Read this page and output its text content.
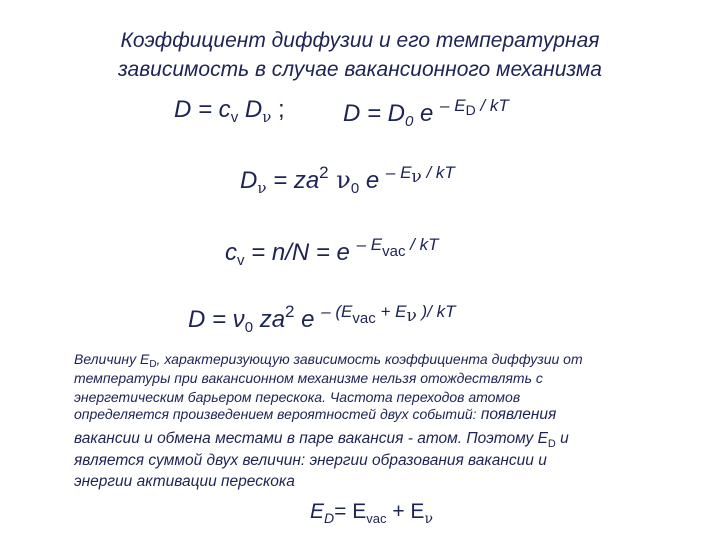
Коэффициент диффузии и его температурная
зависимость в случае вакансионного механизма
$D = c_v$ $D_\nu$ ; $D = D_0$ e $^{- ED}$ $^{/ kT}$
$D_\nu = za^2$ $\nu_0$ e $^{- E\nu}$ $^{/ kT}$
$c_v = n/N = e$ $^{- Evac}$ $^{/ kT}$
$D = \nu_0$ $za^2$ e $^{- (Evac}$ $^{+ E\nu}$ $^{)/ kT}$
Величину $E_D$, характеризующую зависимость коэффициента диффузии от
температуры при вакансионном механизме нельзя отождествлять с
энергетическим барьером перескока. Частота переходов атомов
определяется произведением вероятностей двух событий: появления
вакансии и обмена местами в паре вакансия - атом. Поэтому $E_D$ и
является суммой двух величин: энергии образования вакансии и
энергии активации перескока
$E_D= E_{vac} + E_\nu$
